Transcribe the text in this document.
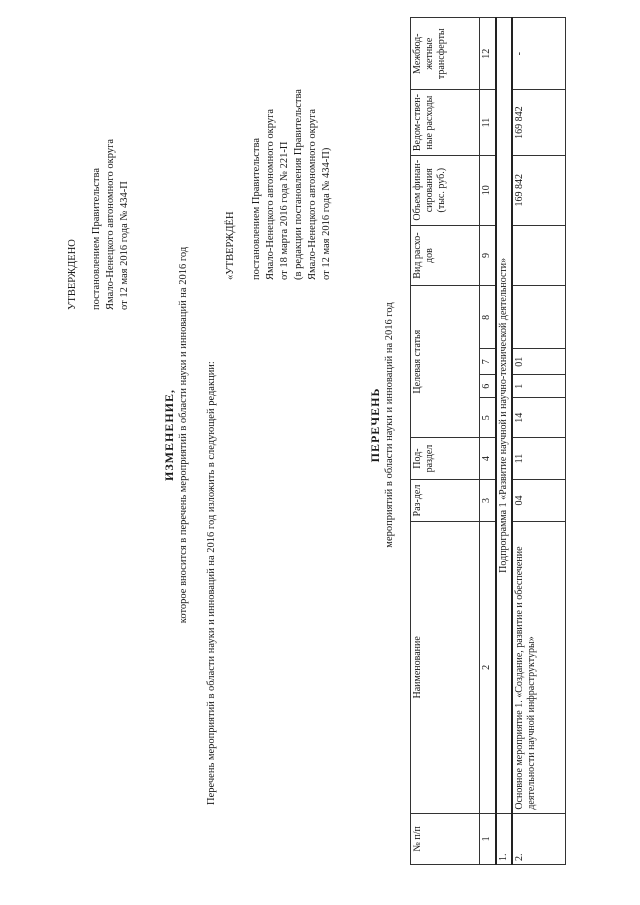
УТВЕРЖДЕНО постановлением Правительства Ямало-Ненецкого автономного округа от 12 мая 2016 года № 434-П
ИЗМЕНЕНИЕ, которое вносится в перечень мероприятий в области науки и инноваций на 2016 год Перечень мероприятий в области науки и инноваций на 2016 год изложить в следующей редакции:
«УТВЕРЖДЁН постановлением Правительства Ямало-Ненецкого автономного округа от 18 марта 2016 года № 221-П (в редакции постановления Правительства Ямало-Ненецкого автономного округа от 12 мая 2016 года № 434-П)
ПЕРЕЧЕНЬ мероприятий в области науки и инноваций на 2016 год
№ п/п	Наименование	Раз-дел	Под-раздел	Целевая статья				Вид расхо-дов	Объем финан-сирования (тыс. руб.)	Ведом-ствен-ные расходы	Межбюд-жетные трансферты
1	2	3	4	5	6	7	8	9	10	11	12
1.	Подпрограмма 1 «Развитие научной и научно-технической деятельности»										
2.	Основное мероприятие 1. «Создание, развитие и обеспечение деятельности научной инфраструктуры»	04	11	14	1	01			169 842	169 842	-
